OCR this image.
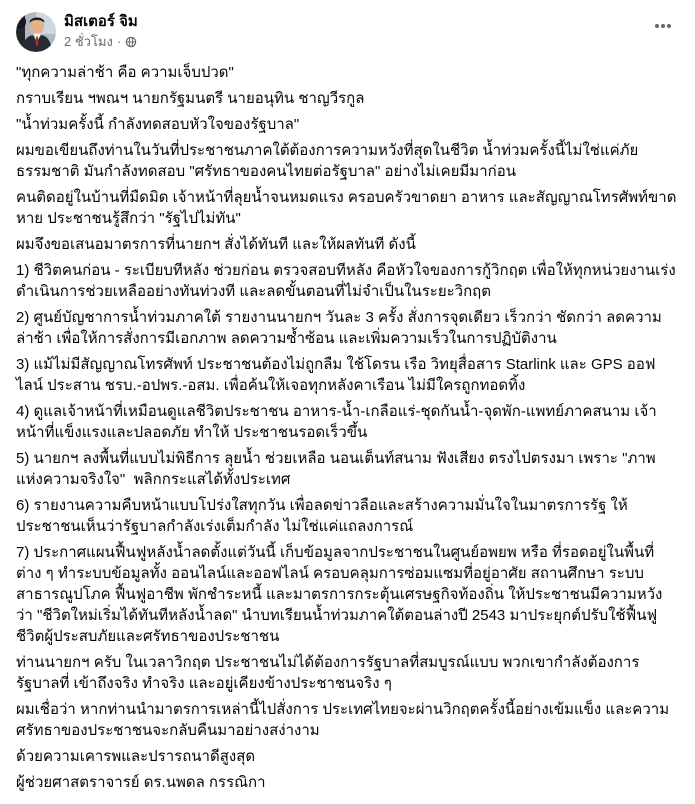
มิสเตอร์ จิม
2 ชั่วโมง ·

"ทุกความล่าช้า คือ ความเจ็บปวด"

กราบเรียน ฯพณฯ นายกรัฐมนตรี นายอนุทิน ชาญวีรกูล

"น้ำท่วมครั้งนี้ กำลังทดสอบหัวใจของรัฐบาล"

ผมขอเขียนถึงท่านในวันที่ประชาชนภาคใต้ต้องการความหวังที่สุดในชีวิต น้ำท่วมครั้งนี้ไม่ใช่แค่ภัยธรรมชาติ มันกำลังทดสอบ "ศรัทธาของคนไทยต่อรัฐบาล" อย่างไม่เคยมีมาก่อน

คนติดอยู่ในบ้านที่มืดมิด เจ้าหน้าที่ลุยน้ำจนหมดแรง ครอบครัวขาดยา อาหาร และสัญญาณโทรศัพท์ขาดหาย ประชาชนรู้สึกว่า "รัฐไปไม่ทัน"

ผมจึงขอเสนอมาตรการที่นายกฯ สั่งได้ทันที และให้ผลทันที ดังนี้

1) ชีวิตคนก่อน - ระเบียบทีหลัง ช่วยก่อน ตรวจสอบทีหลัง คือหัวใจของการกู้วิกฤต เพื่อให้ทุกหน่วยงานเร่งดำเนินการช่วยเหลืออย่างทันท่วงที และลดขั้นตอนที่ไม่จำเป็นในระยะวิกฤต

2) ศูนย์บัญชาการน้ำท่วมภาคใต้ รายงานนายกฯ วันละ 3 ครั้ง สั่งการจุดเดียว เร็วกว่า ชัดกว่า ลดความล่าช้า เพื่อให้การสั่งการมีเอกภาพ ลดความซ้ำซ้อน และเพิ่มความเร็วในการปฏิบัติงาน

3) แม้ไม่มีสัญญาณโทรศัพท์ ประชาชนต้องไม่ถูกลืม ใช้โดรน เรือ วิทยุสื่อสาร Starlink และ GPS ออฟไลน์ ประสาน ชรบ.-อปพร.-อสม. เพื่อค้นให้เจอทุกหลังคาเรือน ไม่มีใครถูกทอดทิ้ง

4) ดูแลเจ้าหน้าที่เหมือนดูแลชีวิตประชาชน อาหาร-น้ำ-เกลือแร่-ชุดกันน้ำ-จุดพัก-แพทย์ภาคสนาม เจ้าหน้าที่แข็งแรงและปลอดภัย ทำให้ ประชาชนรอดเร็วขึ้น

5) นายกฯ ลงพื้นที่แบบไม่พิธีการ ลุยน้ำ ช่วยเหลือ นอนเต็นท์สนาม ฟังเสียง ตรงไปตรงมา เพราะ "ภาพแห่งความจริงใจ"  พลิกกระแสได้ทั้งประเทศ

6) รายงานความคืบหน้าแบบโปร่งใสทุกวัน เพื่อลดข่าวลือและสร้างความมั่นใจในมาตรการรัฐ ให้ประชาชนเห็นว่ารัฐบาลกำลังเร่งเต็มกำลัง ไม่ใช่แค่แถลงการณ์

7) ประกาศแผนฟื้นฟูหลังน้ำลดตั้งแต่วันนี้ เก็บข้อมูลจากประชาชนในศูนย์อพยพ หรือ ที่รอดอยู่ในพื้นที่ต่าง ๆ ทำระบบข้อมูลทั้ง ออนไลน์และออฟไลน์ ครอบคลุมการซ่อมแซมที่อยู่อาศัย สถานศึกษา ระบบสาธารณูปโภค ฟื้นฟูอาชีพ พักชำระหนี้ และมาตรการกระตุ้นเศรษฐกิจท้องถิ่น ให้ประชาชนมีความหวังว่า "ชีวิตใหม่เริ่มได้ทันทีหลังน้ำลด" นำบทเรียนน้ำท่วมภาคใต้ตอนล่างปี 2543 มาประยุกต์ปรับใช้ฟื้นฟูชีวิตผู้ประสบภัยและศรัทธาของประชาชน

ท่านนายกฯ ครับ ในเวลาวิกฤต ประชาชนไม่ได้ต้องการรัฐบาลที่สมบูรณ์แบบ พวกเขากำลังต้องการรัฐบาลที่ เข้าถึงจริง ทำจริง และอยู่เคียงข้างประชาชนจริง ๆ

ผมเชื่อว่า หากท่านนำมาตรการเหล่านี้ไปสั่งการ ประเทศไทยจะผ่านวิกฤตครั้งนี้อย่างเข้มแข็ง และความศรัทธาของประชาชนจะกลับคืนมาอย่างสง่างาม

ด้วยความเคารพและปรารถนาดีสูงสุด

ผู้ช่วยศาสตราจารย์ ดร.นพดล กรรณิกา
